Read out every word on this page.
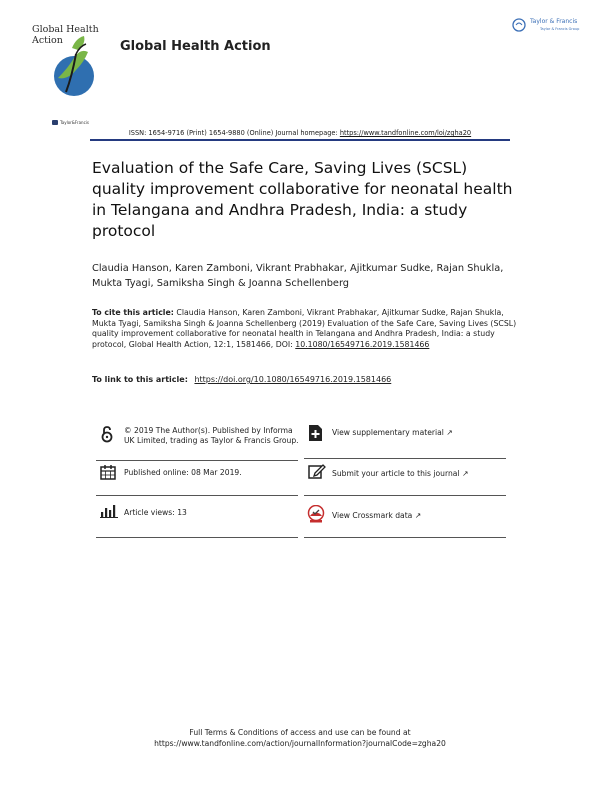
Global Health
Action
Taylor&Francis
Global Health Action
Taylor & Francis
Taylor & Francis Group
ISSN: 1654-9716 (Print) 1654-9880 (Online) Journal homepage: https://www.tandfonline.com/loi/zgha20
Evaluation of the Safe Care, Saving Lives (SCSL) quality improvement collaborative for neonatal health in Telangana and Andhra Pradesh, India: a study protocol
Claudia Hanson, Karen Zamboni, Vikrant Prabhakar, Ajitkumar Sudke, Rajan Shukla, Mukta Tyagi, Samiksha Singh & Joanna Schellenberg
To cite this article: Claudia Hanson, Karen Zamboni, Vikrant Prabhakar, Ajitkumar Sudke, Rajan Shukla, Mukta Tyagi, Samiksha Singh & Joanna Schellenberg (2019) Evaluation of the Safe Care, Saving Lives (SCSL) quality improvement collaborative for neonatal health in Telangana and Andhra Pradesh, India: a study protocol, Global Health Action, 12:1, 1581466, DOI: 10.1080/16549716.2019.1581466
To link to this article: https://doi.org/10.1080/16549716.2019.1581466
© 2019 The Author(s). Published by Informa UK Limited, trading as Taylor & Francis Group.
Published online: 08 Mar 2019.
Article views: 13
View supplementary material ↗
Submit your article to this journal ↗
View Crossmark data ↗
Full Terms & Conditions of access and use can be found at
https://www.tandfonline.com/action/journalInformation?journalCode=zgha20
